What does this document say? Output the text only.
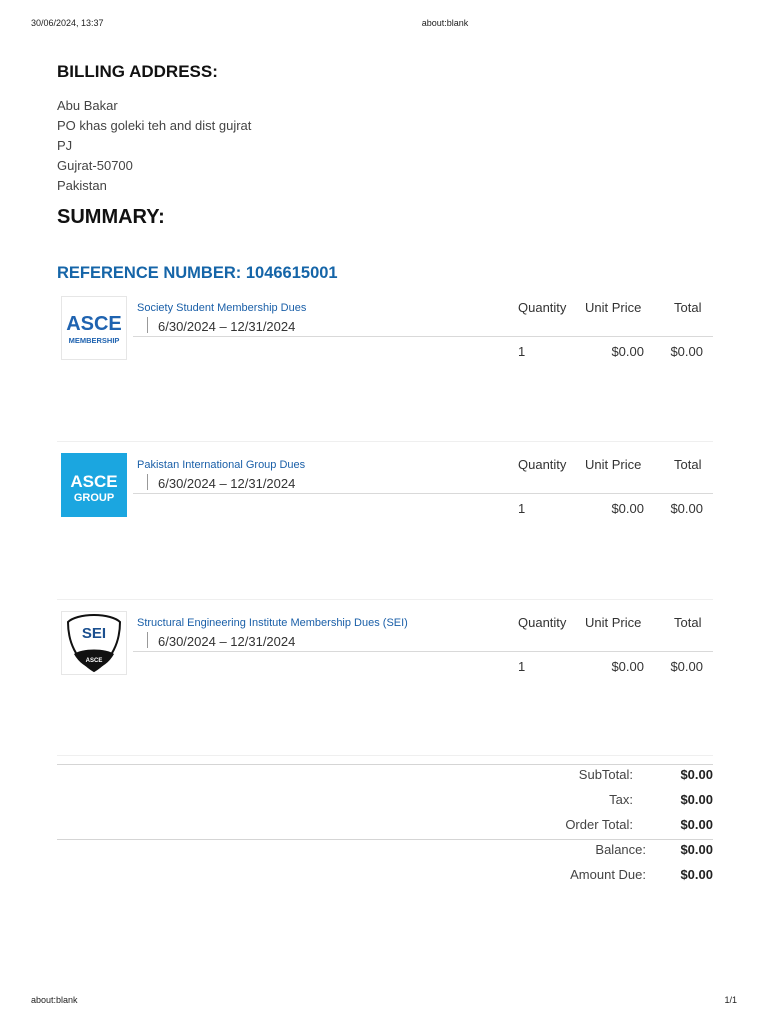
30/06/2024, 13:37	about:blank
BILLING ADDRESS:
Abu Bakar
PO khas goleki teh and dist gujrat
PJ
Gujrat-50700
Pakistan
SUMMARY:
REFERENCE NUMBER: 1046615001
ASCE
MEMBERSHIP
Society Student Membership Dues
6/30/2024 – 12/31/2024
Quantity Unit Price	Total
1	$0.00	$0.00
ASCE
GROUP
Pakistan International Group Dues
6/30/2024 – 12/31/2024
Quantity Unit Price	Total
1	$0.00	$0.00
SEI
ASCE
Structural Engineering Institute Membership Dues (SEI)
6/30/2024 – 12/31/2024
Quantity Unit Price	Total
1	$0.00	$0.00
SubTotal:	$0.00
Tax:	$0.00
Order Total:	$0.00
Balance:	$0.00
Amount Due:	$0.00
about:blank	1/1
